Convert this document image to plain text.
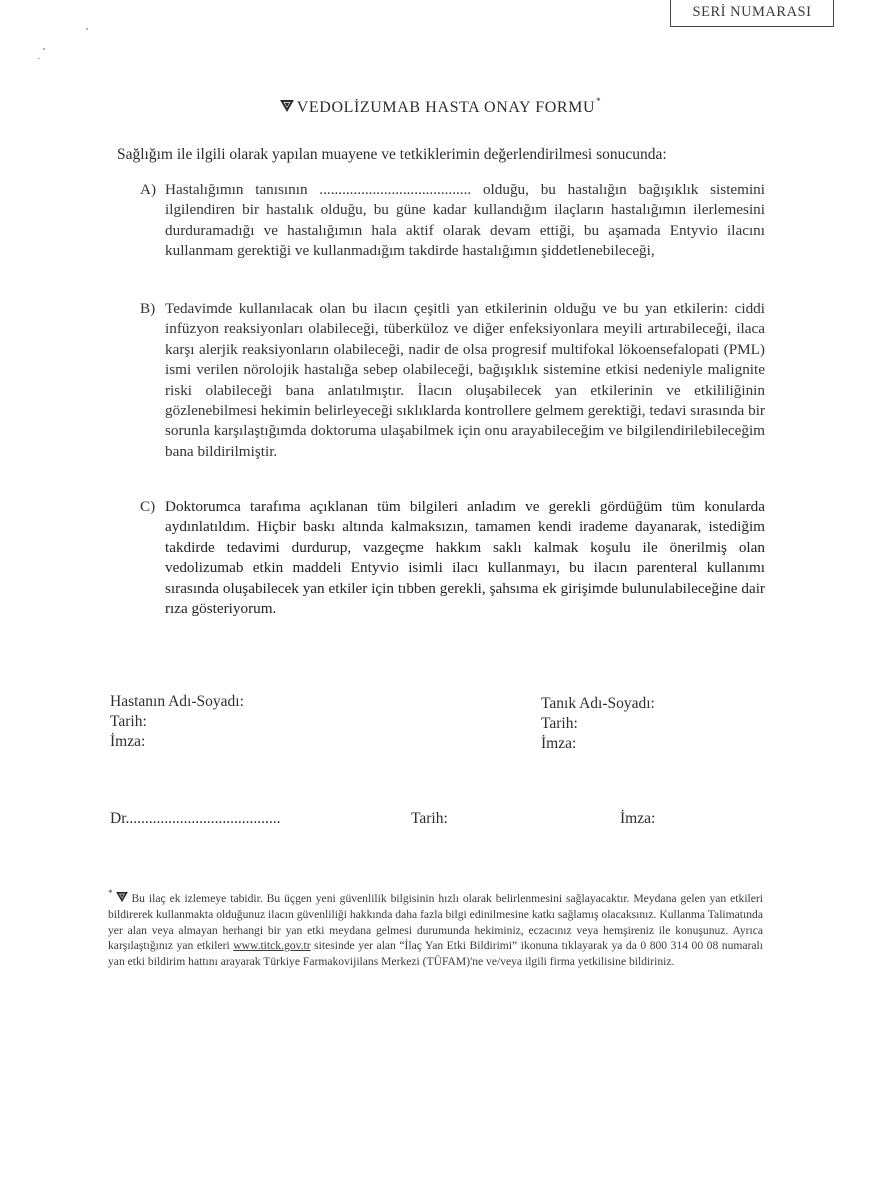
SERİ NUMARASI
VEDOLİZUMAB HASTA ONAY FORMU*
Sağlığım ile ilgili olarak yapılan muayene ve tetkiklerimin değerlendirilmesi sonucunda:
A) Hastalığımın tanısının ........................................ olduğu, bu hastalığın bağışıklık sistemini ilgilendiren bir hastalık olduğu, bu güne kadar kullandığım ilaçların hastalığımın ilerlemesini durduramadığı ve hastalığımın hala aktif olarak devam ettiği, bu aşamada Entyvio ilacını kullanmam gerektiği ve kullanmadığım takdirde hastalığımın şiddetlenebileceği,
B) Tedavimde kullanılacak olan bu ilacın çeşitli yan etkilerinin olduğu ve bu yan etkilerin: ciddi infüzyon reaksiyonları olabileceği, tüberküloz ve diğer enfeksiyonlara meyili artırabileceği, ilaca karşı alerjik reaksiyonların olabileceği, nadir de olsa progresif multifokal lökoensefalopati (PML) ismi verilen nörolojik hastalığa sebep olabileceği, bağışıklık sistemine etkisi nedeniyle malignite riski olabileceği bana anlatılmıştır. İlacın oluşabilecek yan etkilerinin ve etkililiğinin gözlenebilmesi hekimin belirleyeceği sıklıklarda kontrollere gelmem gerektiği, tedavi sırasında bir sorunla karşılaştığımda doktoruma ulaşabilmek için onu arayabileceğim ve bilgilendirilebileceğim bana bildirilmiştir.
C) Doktorumca tarafıma açıklanan tüm bilgileri anladım ve gerekli gördüğüm tüm konularda aydınlatıldım. Hiçbir baskı altında kalmaksızın, tamamen kendi irademe dayanarak, istediğim takdirde tedavimi durdurup, vazgeçme hakkım saklı kalmak koşulu ile önerilmiş olan vedolizumab etkin maddeli Entyvio isimli ilacı kullanmayı, bu ilacın parenteral kullanımı sırasında oluşabilecek yan etkiler için tıbben gerekli, şahsıma ek girişimde bulunulabileceğine dair rıza gösteriyorum.
Hastanın Adı-Soyadı:
Tarih:
İmza:
Tanık Adı-Soyadı:
Tarih:
İmza:
Dr........................................	Tarih:	İmza:
* Bu ilaç ek izlemeye tabidir. Bu üçgen yeni güvenlilik bilgisinin hızlı olarak belirlenmesini sağlayacaktır. Meydana gelen yan etkileri bildirerek kullanmakta olduğunuz ilacın güvenliliği hakkında daha fazla bilgi edinilmesine katkı sağlamış olacaksınız. Kullanma Talimatında yer alan veya almayan herhangi bir yan etki meydana gelmesi durumunda hekiminiz, eczacınız veya hemşireniz ile konuşunuz. Ayrıca karşılaştığınız yan etkileri www.titck.gov.tr sitesinde yer alan “İlaç Yan Etki Bildirimi” ikonuna tıklayarak ya da 0 800 314 00 08 numaralı yan etki bildirim hattını arayarak Türkiye Farmakovijilans Merkezi (TÜFAM)'ne ve/veya ilgili firma yetkilisine bildiriniz.
